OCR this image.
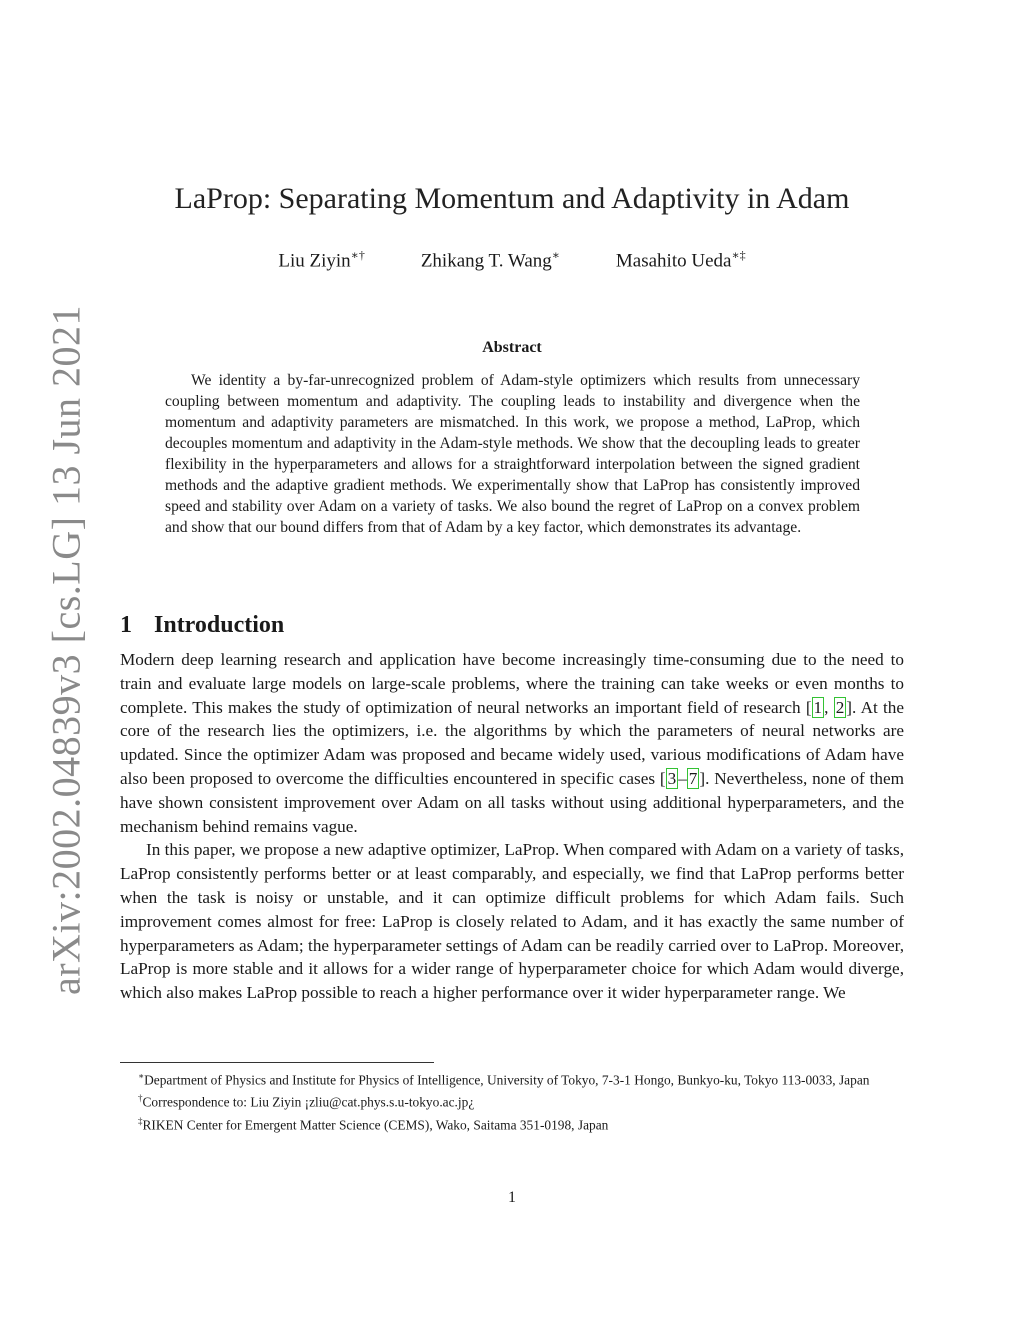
arXiv:2002.04839v3 [cs.LG] 13 Jun 2021
LaProp: Separating Momentum and Adaptivity in Adam
Liu Ziyin∗†	Zhikang T. Wang∗	Masahito Ueda∗‡
Abstract

We identity a by-far-unrecognized problem of Adam-style optimizers which results from unnecessary coupling between momentum and adaptivity. The coupling leads to instability and divergence when the momentum and adaptivity parameters are mismatched. In this work, we propose a method, LaProp, which decouples momentum and adaptivity in the Adam-style methods. We show that the decoupling leads to greater flexibility in the hyperparameters and allows for a straightforward interpolation between the signed gradient methods and the adaptive gradient methods. We experimentally show that LaProp has consistently improved speed and stability over Adam on a variety of tasks. We also bound the regret of LaProp on a convex problem and show that our bound differs from that of Adam by a key factor, which demonstrates its advantage.

1 Introduction

Modern deep learning research and application have become increasingly time-consuming due to the need to train and evaluate large models on large-scale problems, where the training can take weeks or even months to complete. This makes the study of optimization of neural networks an important field of research [ 1 , 2 ]. At the core of the research lies the optimizers, i.e. the algorithms by which the parameters of neural networks are updated. Since the optimizer Adam was proposed and became widely used, various modifications of Adam have also been proposed to overcome the difficulties encountered in specific cases [ 3 – 7 ]. Nevertheless, none of them have shown consistent improvement over Adam on all tasks without using additional hyperparameters, and the mechanism behind remains vague.

In this paper, we propose a new adaptive optimizer, LaProp. When compared with Adam on a variety of tasks, LaProp consistently performs better or at least comparably, and especially, we find that LaProp performs better when the task is noisy or unstable, and it can optimize difficult problems for which Adam fails. Such improvement comes almost for free: LaProp is closely related to Adam, and it has exactly the same number of hyperparameters as Adam; the hyperparameter settings of Adam can be readily carried over to LaProp. Moreover, LaProp is more stable and it allows for a wider range of hyperparameter choice for which Adam would diverge, which also makes LaProp possible to reach a higher performance over it wider hyperparameter range. We

∗Department of Physics and Institute for Physics of Intelligence, University of Tokyo, 7-3-1 Hongo, Bunkyo-ku, Tokyo 113-0033, Japan

†Correspondence to: Liu Ziyin ¡zliu@cat.phys.s.u-tokyo.ac.jp¿

‡RIKEN Center for Emergent Matter Science (CEMS), Wako, Saitama 351-0198, Japan

1
